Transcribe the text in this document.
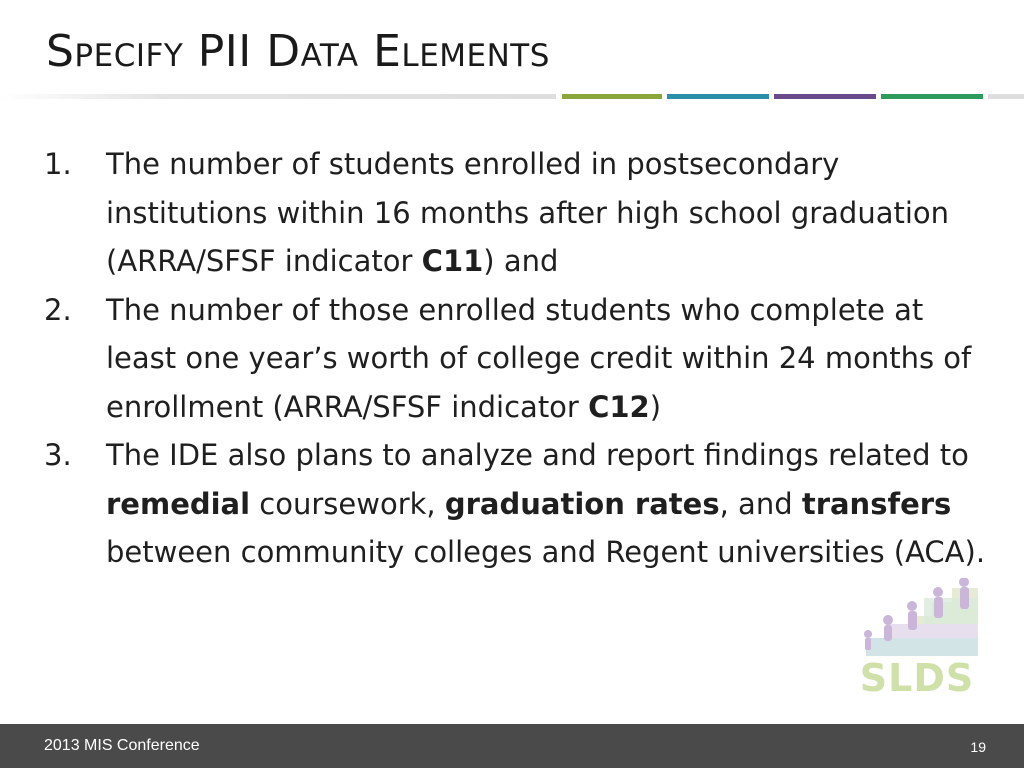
Specify PII Data Elements
1.	The number of students enrolled in postsecondary institutions within 16 months after high school graduation (ARRA/SFSF indicator C11) and
2.	The number of those enrolled students who complete at least one year’s worth of college credit within 24 months of enrollment (ARRA/SFSF indicator C12)
3.	The IDE also plans to analyze and report findings related to remedial coursework, graduation rates, and transfers between community colleges and Regent universities (ACA).
SLDS
2013 MIS Conference	19
